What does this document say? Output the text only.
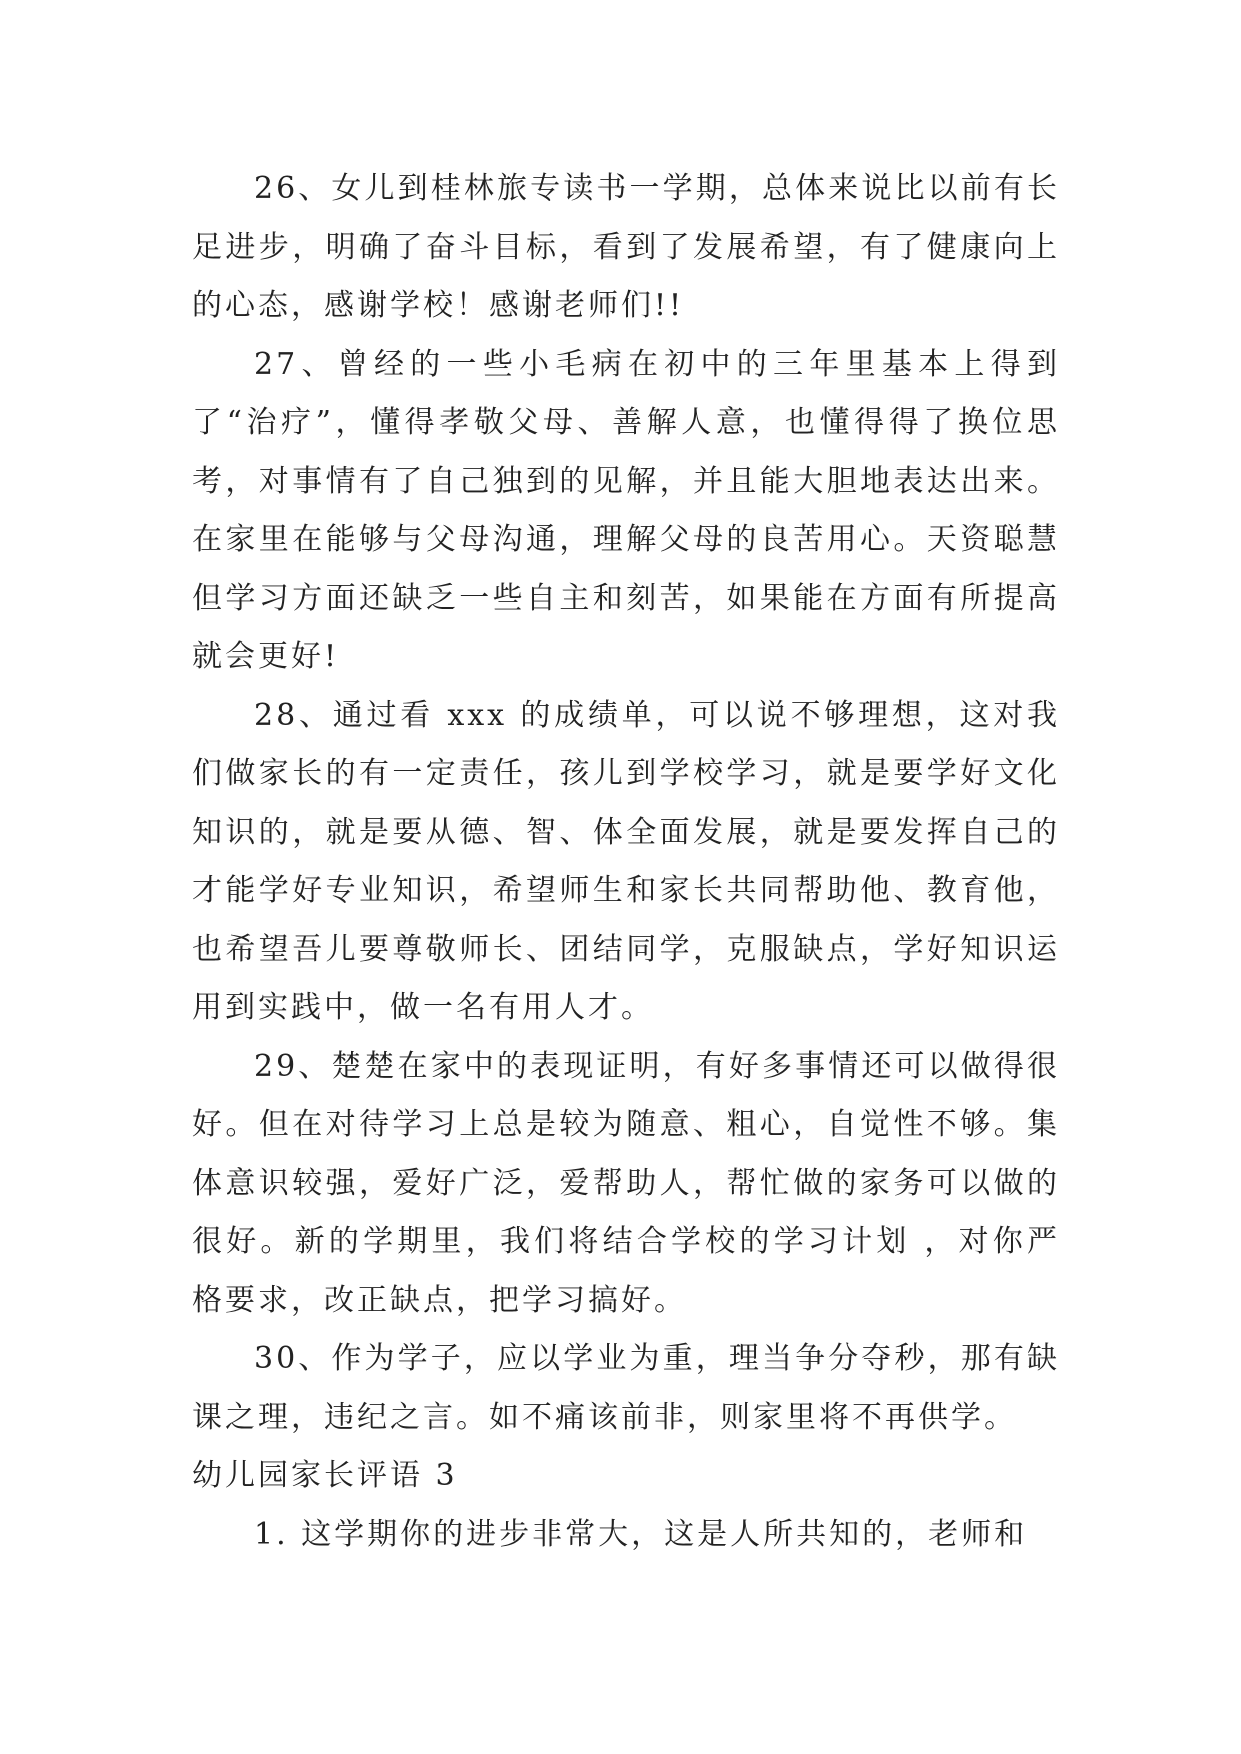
26、女儿到桂林旅专读书一学期，总体来说比以前有长足进步，明确了奋斗目标，看到了发展希望，有了健康向上的心态，感谢学校！感谢老师们!!

27、曾经的一些小毛病在初中的三年里基本上得到了“治疗”，懂得孝敬父母、善解人意，也懂得得了换位思考，对事情有了自己独到的见解，并且能大胆地表达出来。在家里在能够与父母沟通，理解父母的良苦用心。天资聪慧但学习方面还缺乏一些自主和刻苦，如果能在方面有所提高就会更好!

28、通过看 xxx 的成绩单，可以说不够理想，这对我们做家长的有一定责任，孩儿到学校学习，就是要学好文化知识的，就是要从德、智、体全面发展，就是要发挥自己的才能学好专业知识，希望师生和家长共同帮助他、教育他，也希望吾儿要尊敬师长、团结同学，克服缺点，学好知识运用到实践中，做一名有用人才。

29、楚楚在家中的表现证明，有好多事情还可以做得很好。但在对待学习上总是较为随意、粗心，自觉性不够。集体意识较强，爱好广泛，爱帮助人，帮忙做的家务可以做的很好。新的学期里，我们将结合学校的学习计划 ，对你严格要求，改正缺点，把学习搞好。

30、作为学子，应以学业为重，理当争分夺秒，那有缺课之理，违纪之言。如不痛该前非，则家里将不再供学。

幼儿园家长评语 3

1. 这学期你的进步非常大，这是人所共知的，老师和
